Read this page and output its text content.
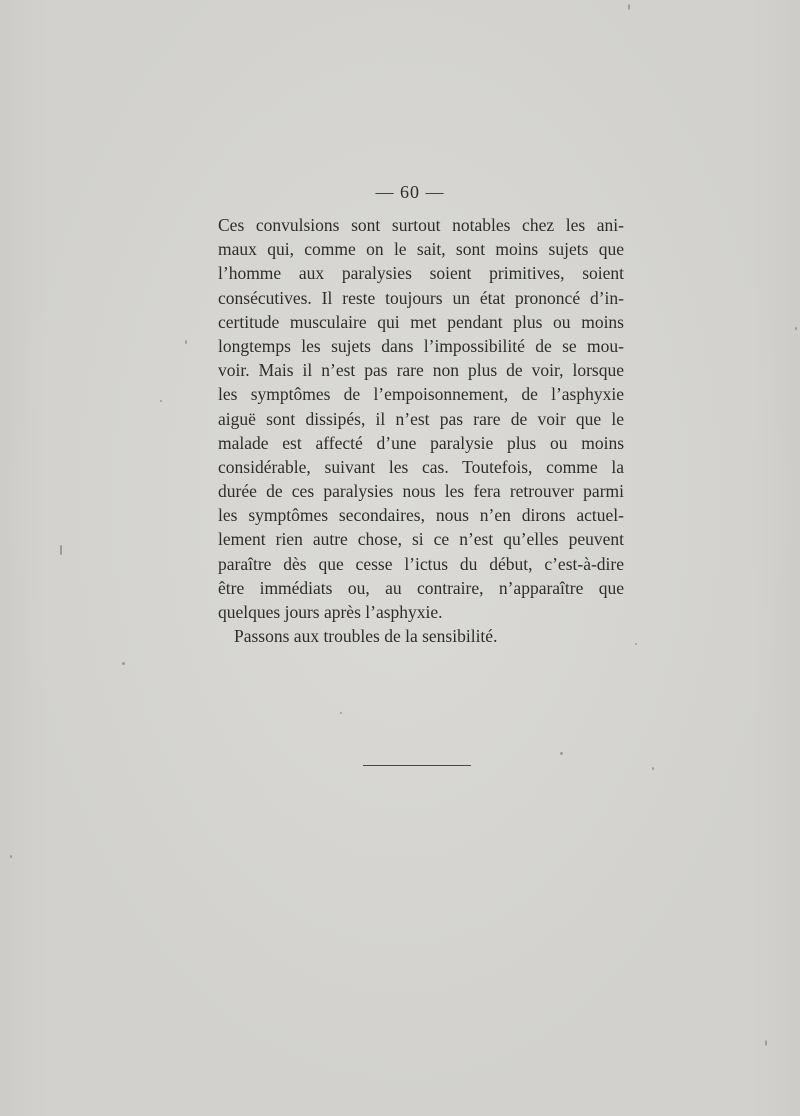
— 60 —
Ces convulsions sont surtout notables chez les ani-
maux qui, comme on le sait, sont moins sujets que
l’homme aux paralysies soient primitives, soient
consécutives. Il reste toujours un état prononcé d’in-
certitude musculaire qui met pendant plus ou moins
longtemps les sujets dans l’impossibilité de se mou-
voir. Mais il n’est pas rare non plus de voir, lorsque
les symptômes de l’empoisonnement, de l’asphyxie
aiguë sont dissipés, il n’est pas rare de voir que le
malade est affecté d’une paralysie plus ou moins
considérable, suivant les cas. Toutefois, comme la
durée de ces paralysies nous les fera retrouver parmi
les symptômes secondaires, nous n’en dirons actuel-
lement rien autre chose, si ce n’est qu’elles peuvent
paraître dès que cesse l’ictus du début, c’est-à-dire
être immédiats ou, au contraire, n’apparaître que
quelques jours après l’asphyxie.
Passons aux troubles de la sensibilité.
